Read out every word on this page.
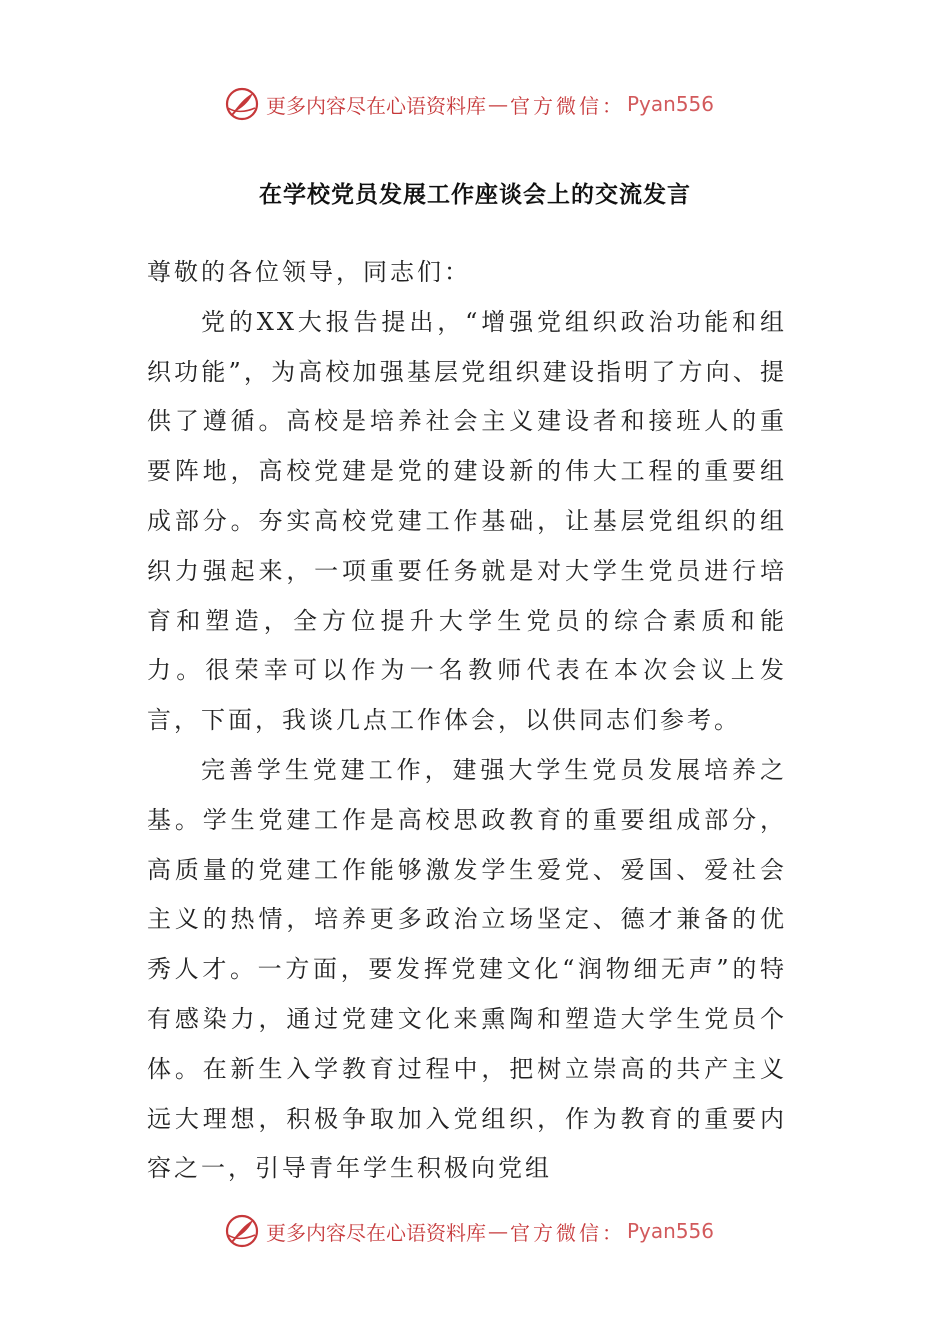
更多内容尽在心语资料库 — 官方微信： Pyan556
在学校党员发展工作座谈会上的交流发言

尊敬的各位领导，同志们：

党的XX大报告提出，“增强党组织政治功能和组织功能”，为高校加强基层党组织建设指明了方向、提供了遵循。高校是培养社会主义建设者和接班人的重要阵地，高校党建是党的建设新的伟大工程的重要组成部分。夯实高校党建工作基础，让基层党组织的组织力强起来，一项重要任务就是对大学生党员进行培育和塑造，全方位提升大学生党员的综合素质和能力。很荣幸可以作为一名教师代表在本次会议上发言，下面，我谈几点工作体会，以供同志们参考。

完善学生党建工作，建强大学生党员发展培养之基。学生党建工作是高校思政教育的重要组成部分，高质量的党建工作能够激发学生爱党、爱国、爱社会主义的热情，培养更多政治立场坚定、德才兼备的优秀人才。一方面，要发挥党建文化“润物细无声”的特有感染力，通过党建文化来熏陶和塑造大学生党员个体。在新生入学教育过程中，把树立崇高的共产主义远大理想，积极争取加入党组织，作为教育的重要内容之一，引导青年学生积极向党组

更多内容尽在心语资料库 — 官方微信： Pyan556
